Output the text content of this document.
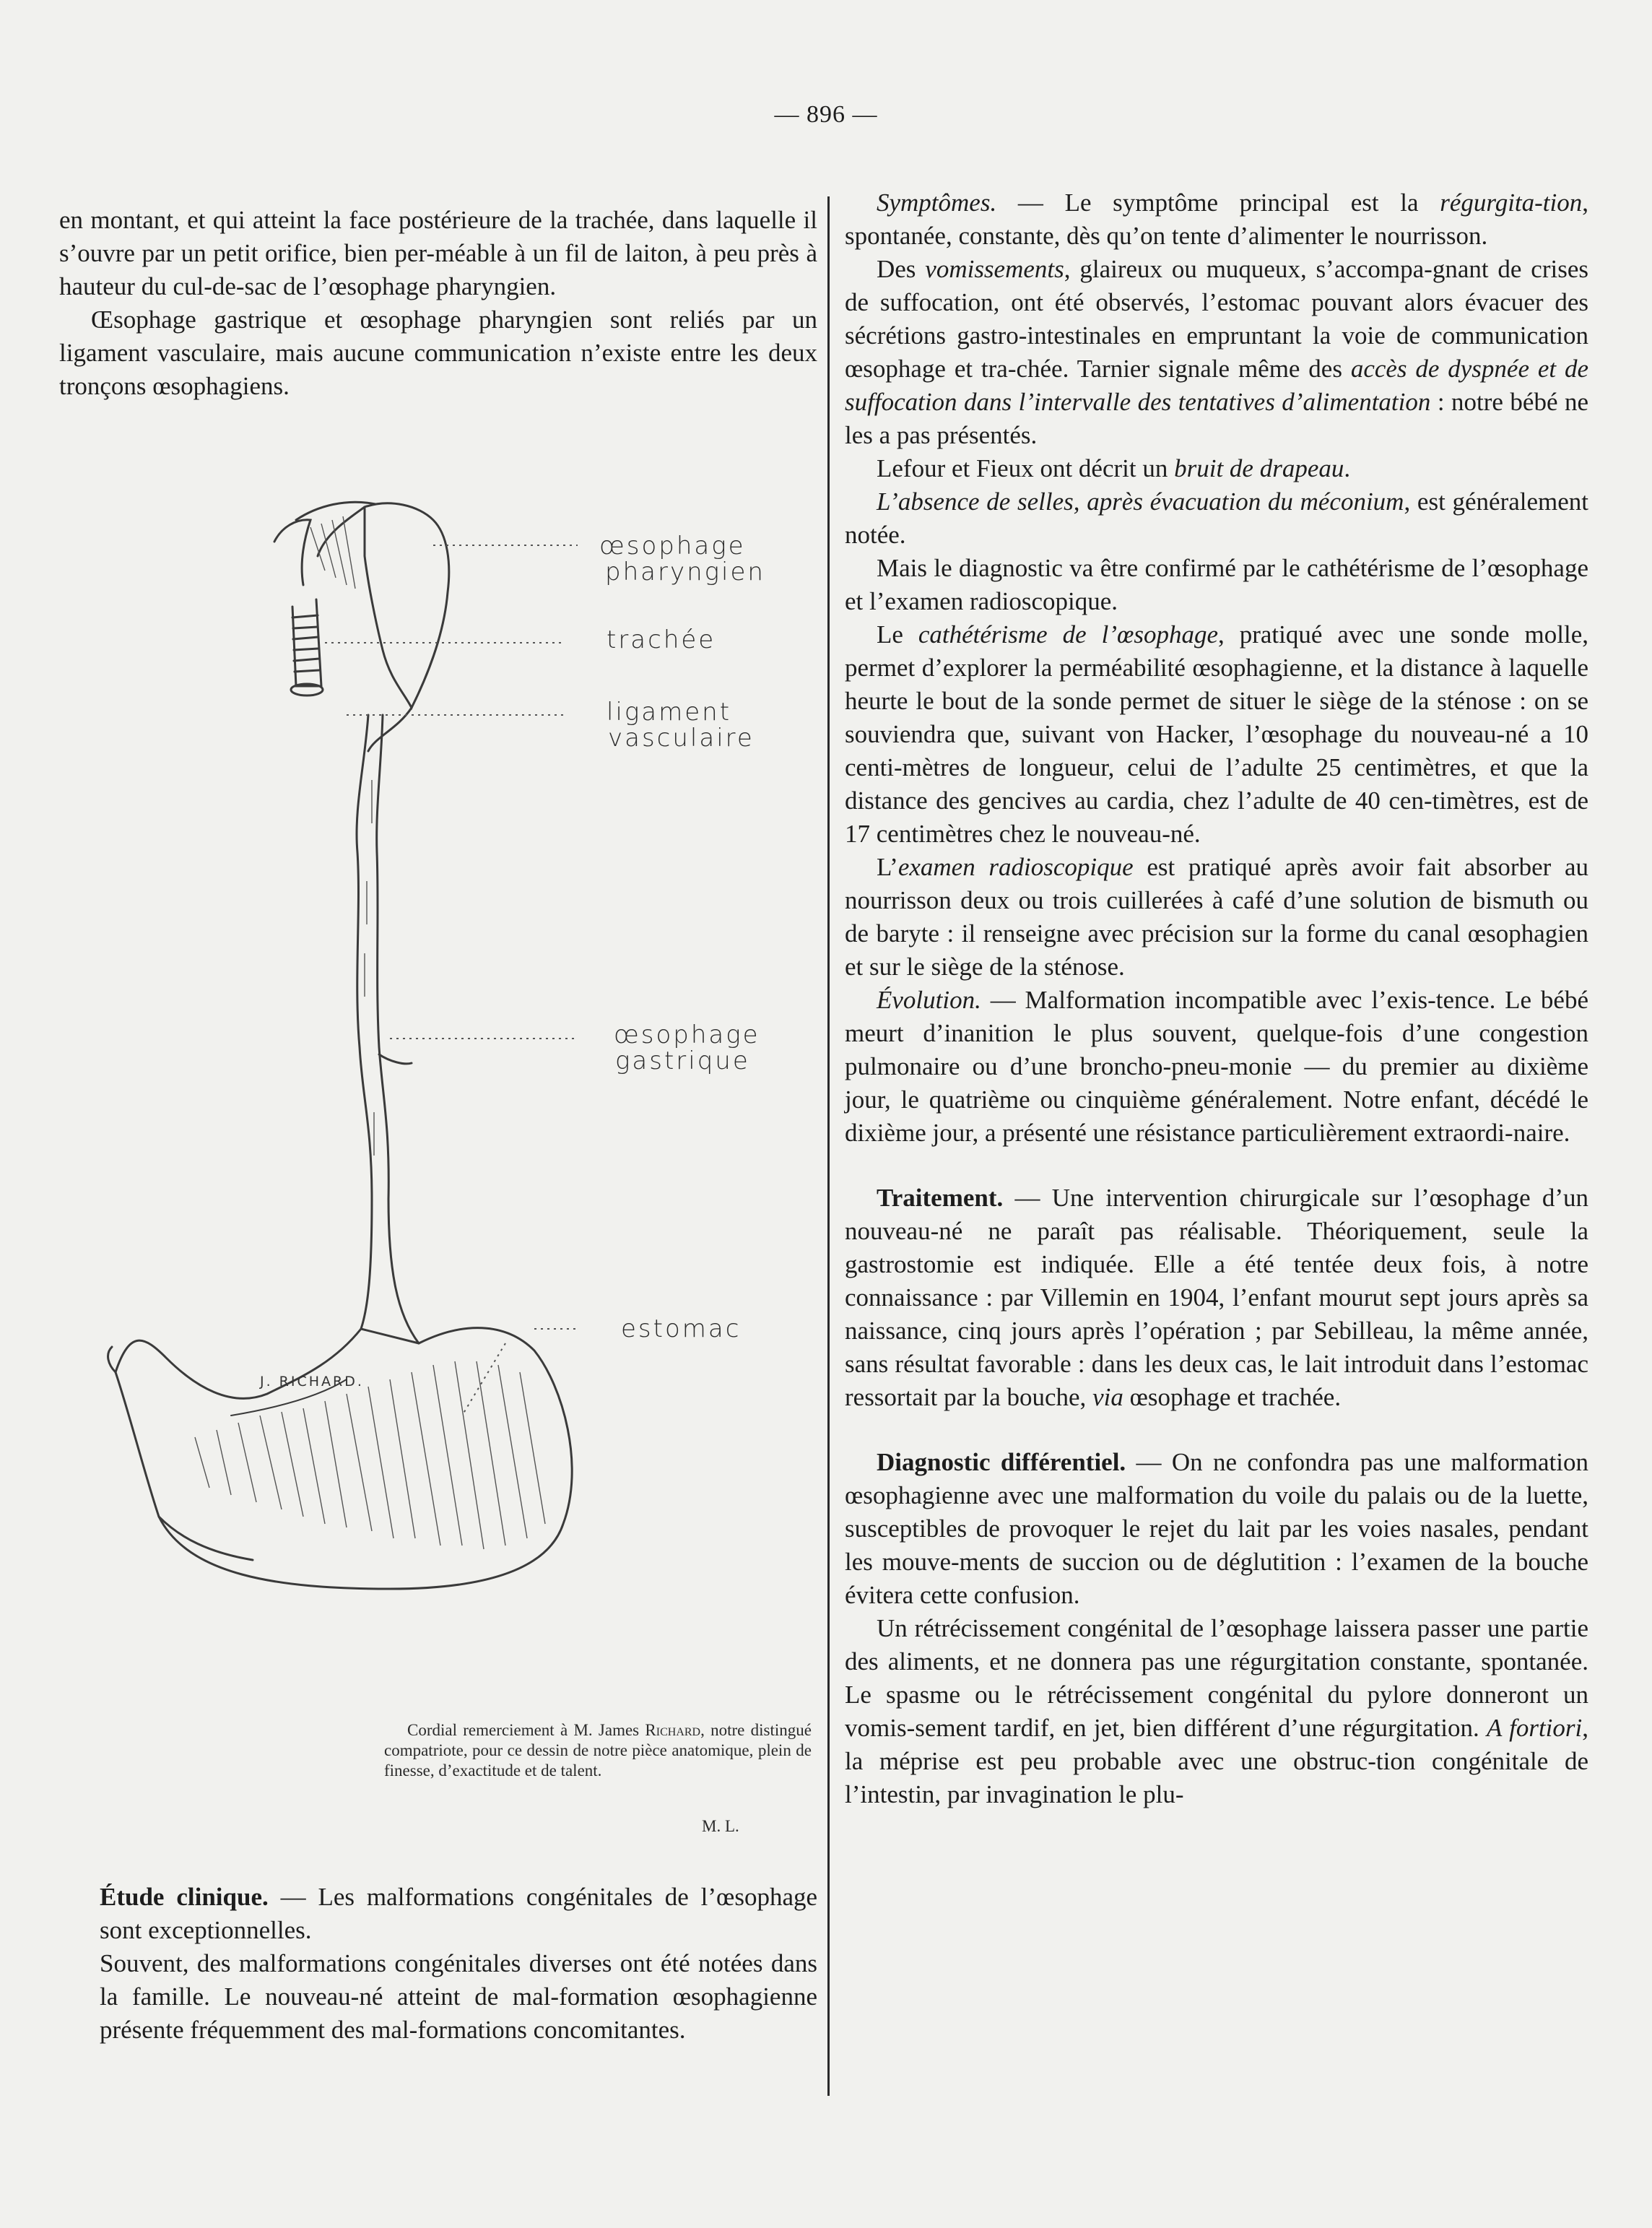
— 896 —

en montant, et qui atteint la face postérieure de la trachée, dans laquelle il s’ouvre par un petit orifice, bien per-méable à un fil de laiton, à peu près à hauteur du cul-de-sac de l’œsophage pharyngien.

Œsophage gastrique et œsophage pharyngien sont reliés par un ligament vasculaire, mais aucune communication n’existe entre les deux tronçons œsophagiens.

œsophage
pharyngien
trachée
ligament
vasculaire
œsophage
gastrique
estomac
J. RICHARD.

Cordial remerciement à M. James Richard, notre distingué compatriote, pour ce dessin de notre pièce anatomique, plein de finesse, d’exactitude et de talent.

M. L.

Étude clinique. — Les malformations congénitales de l’œsophage sont exceptionnelles.

Souvent, des malformations congénitales diverses ont été notées dans la famille. Le nouveau-né atteint de mal-formation œsophagienne présente fréquemment des mal-formations concomitantes.

Symptômes. — Le symptôme principal est la régurgita-tion, spontanée, constante, dès qu’on tente d’alimenter le nourrisson.

Des vomissements, glaireux ou muqueux, s’accompa-gnant de crises de suffocation, ont été observés, l’estomac pouvant alors évacuer des sécrétions gastro-intestinales en empruntant la voie de communication œsophage et tra-chée. Tarnier signale même des accès de dyspnée et de suffocation dans l’intervalle des tentatives d’alimentation : notre bébé ne les a pas présentés.

Lefour et Fieux ont décrit un bruit de drapeau.

L’absence de selles, après évacuation du méconium, est généralement notée.

Mais le diagnostic va être confirmé par le cathétérisme de l’œsophage et l’examen radioscopique.

Le cathétérisme de l’œsophage, pratiqué avec une sonde molle, permet d’explorer la perméabilité œsophagienne, et la distance à laquelle heurte le bout de la sonde permet de situer le siège de la sténose : on se souviendra que, suivant von Hacker, l’œsophage du nouveau-né a 10 centi-mètres de longueur, celui de l’adulte 25 centimètres, et que la distance des gencives au cardia, chez l’adulte de 40 cen-timètres, est de 17 centimètres chez le nouveau-né.

L’examen radioscopique est pratiqué après avoir fait absorber au nourrisson deux ou trois cuillerées à café d’une solution de bismuth ou de baryte : il renseigne avec précision sur la forme du canal œsophagien et sur le siège de la sténose.

Évolution. — Malformation incompatible avec l’exis-tence. Le bébé meurt d’inanition le plus souvent, quelque-fois d’une congestion pulmonaire ou d’une broncho-pneu-monie — du premier au dixième jour, le quatrième ou cinquième généralement. Notre enfant, décédé le dixième jour, a présenté une résistance particulièrement extraordi-naire.

Traitement. — Une intervention chirurgicale sur l’œsophage d’un nouveau-né ne paraît pas réalisable. Théoriquement, seule la gastrostomie est indiquée. Elle a été tentée deux fois, à notre connaissance : par Villemin en 1904, l’enfant mourut sept jours après sa naissance, cinq jours après l’opération ; par Sebilleau, la même année, sans résultat favorable : dans les deux cas, le lait introduit dans l’estomac ressortait par la bouche, via œsophage et trachée.

Diagnostic différentiel. — On ne confondra pas une malformation œsophagienne avec une malformation du voile du palais ou de la luette, susceptibles de provoquer le rejet du lait par les voies nasales, pendant les mouve-ments de succion ou de déglutition : l’examen de la bouche évitera cette confusion.

Un rétrécissement congénital de l’œsophage laissera passer une partie des aliments, et ne donnera pas une régurgitation constante, spontanée. Le spasme ou le rétrécissement congénital du pylore donneront un vomis-sement tardif, en jet, bien différent d’une régurgitation. A fortiori, la méprise est peu probable avec une obstruc-tion congénitale de l’intestin, par invagination le plu-
